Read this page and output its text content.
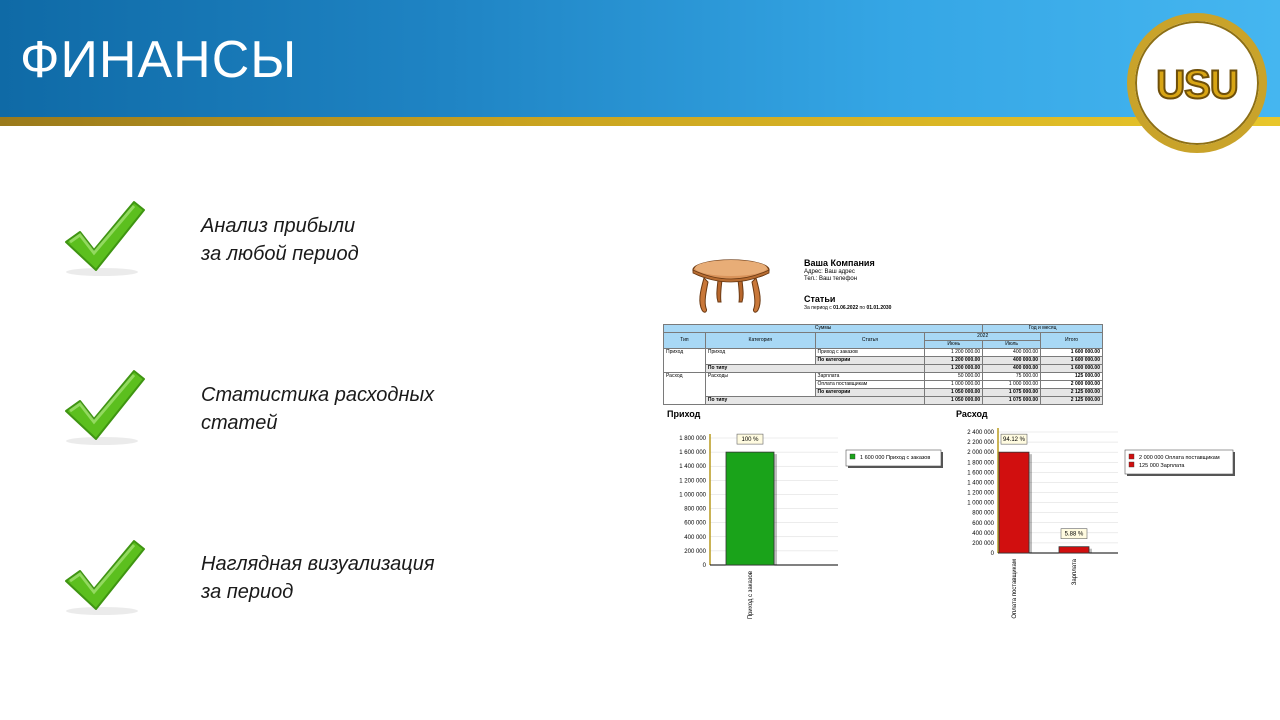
ФИНАНСЫ	USU
Анализ прибыли
за любой период
Статистика расходных
статей
Наглядная визуализация
за период
Ваша Компания
Адрес: Ваш адрес
Тел.: Ваш телефон
Статьи
За период с 01.06.2022 по 01.01.2030
Суммы				Год и месяц	
Тип	Категория	Статья	2022		Итого
			Июнь	Июль	
Приход	Приход	Приход с заказов	1 200 000.00	400 000.00	1 600 000.00
		По категории	1 200 000.00	400 000.00	1 600 000.00
	По типу		1 200 000.00	400 000.00	1 600 000.00
Расход	Расходы	Зарплата	50 000.00	75 000.00	125 000.00
		Оплата поставщикам	1 000 000.00	1 000 000.00	2 000 000.00
		По категории	1 050 000.00	1 075 000.00	2 125 000.00
	По типу		1 050 000.00	1 075 000.00	2 125 000.00
Приход	Расход
0
200 000
400 000
600 000
800 000
1 000 000
1 200 000
1 400 000
1 600 000
1 800 000	100 %
Приход с заказов
1 600 000 Приход с заказов
0
200 000
400 000
600 000
800 000
1 000 000
1 200 000
1 400 000
1 600 000
1 800 000
2 000 000
2 200 000
2 400 000
94.12 %
Оплата поставщикам
5.88 %
Зарплата
2 000 000 Оплата поставщикам
125 000 Зарплата
